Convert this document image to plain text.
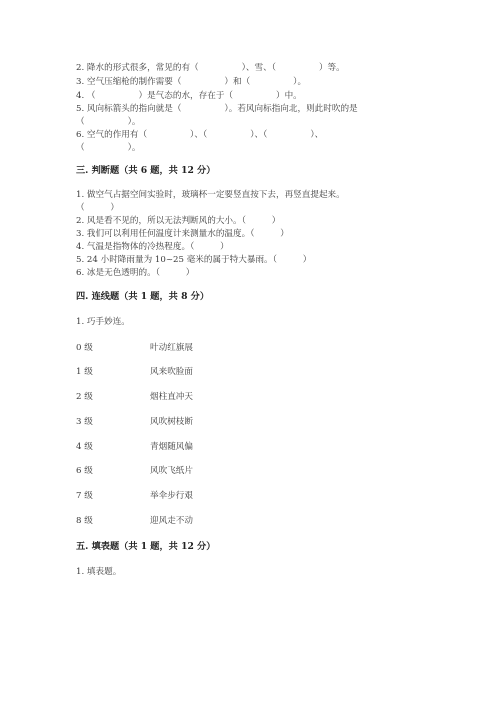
2. 降水的形式很多，常见的有（　　　　　）、雪、（　　　　　）等。
3. 空气压缩枪的制作需要（　　　　　）和（　　　　　）。
4. （　　　　　）是气态的水，存在于（　　　　　）中。
5. 风向标箭头的指向就是（　　　　　）。若风向标指向北，则此时吹的是
（　　　　　）。
6. 空气的作用有（　　　　　）、（　　　　　）、（　　　　　）、
（　　　　　）。
三. 判断题（共 6 题，共 12 分）
1. 做空气占据空间实验时，玻璃杯一定要竖直按下去，再竖直提起来。
（　　　）
2. 风是看不见的，所以无法判断风的大小。（　　　）
3. 我们可以利用任何温度计来测量水的温度。（　　　）
4. 气温是指物体的冷热程度。（　　　）
5. 24 小时降雨量为 10~25 毫米的属于特大暴雨。（　　　）
6. 冰是无色透明的。（　　　）
四. 连线题（共 1 题，共 8 分）
1. 巧手妙连。
0 级	叶动红旗展
1 级	风来吹脸面
2 级	烟柱直冲天
3 级	风吹树枝断
4 级	青烟随风偏
6 级	风吹飞纸片
7 级	举伞步行艰
8 级	迎风走不动
五. 填表题（共 1 题，共 12 分）
1. 填表题。
